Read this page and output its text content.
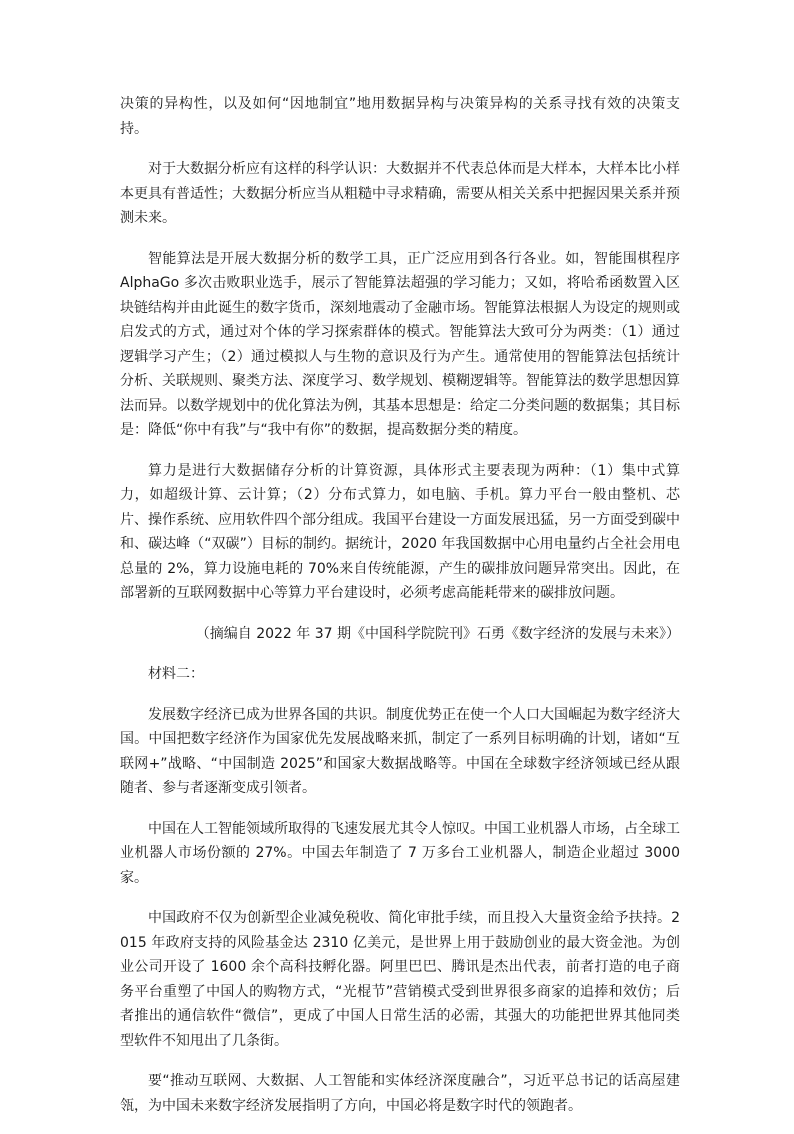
决策的异构性，以及如何“因地制宜”地用数据异构与决策异构的关系寻找有效的决策支持。

对于大数据分析应有这样的科学认识：大数据并不代表总体而是大样本，大样本比小样本更具有普适性；大数据分析应当从粗糙中寻求精确，需要从相关关系中把握因果关系并预测未来。

智能算法是开展大数据分析的数学工具，正广泛应用到各行各业。如，智能围棋程序 AlphaGo 多次击败职业选手，展示了智能算法超强的学习能力；又如，将哈希函数置入区块链结构并由此诞生的数字货币，深刻地震动了金融市场。智能算法根据人为设定的规则或启发式的方式，通过对个体的学习探索群体的模式。智能算法大致可分为两类：（1）通过逻辑学习产生；（2）通过模拟人与生物的意识及行为产生。通常使用的智能算法包括统计分析、关联规则、聚类方法、深度学习、数学规划、模糊逻辑等。智能算法的数学思想因算法而异。以数学规划中的优化算法为例，其基本思想是：给定二分类问题的数据集；其目标是：降低“你中有我”与“我中有你”的数据，提高数据分类的精度。

算力是进行大数据储存分析的计算资源，具体形式主要表现为两种：（1）集中式算力，如超级计算、云计算；（2）分布式算力，如电脑、手机。算力平台一般由整机、芯片、操作系统、应用软件四个部分组成。我国平台建设一方面发展迅猛，另一方面受到碳中和、碳达峰（“双碳”）目标的制约。据统计，2020 年我国数据中心用电量约占全社会用电总量的 2%，算力设施电耗的 70%来自传统能源，产生的碳排放问题异常突出。因此，在部署新的互联网数据中心等算力平台建设时，必须考虑高能耗带来的碳排放问题。

（摘编自 2022 年 37 期《中国科学院院刊》石勇《数字经济的发展与未来》）

材料二：

发展数字经济已成为世界各国的共识。制度优势正在使一个人口大国崛起为数字经济大国。中国把数字经济作为国家优先发展战略来抓，制定了一系列目标明确的计划，诸如“互联网+”战略、“中国制造 2025”和国家大数据战略等。中国在全球数字经济领域已经从跟随者、参与者逐渐变成引领者。

中国在人工智能领域所取得的飞速发展尤其令人惊叹。中国工业机器人市场，占全球工业机器人市场份额的 27%。中国去年制造了 7 万多台工业机器人，制造企业超过 3000 家。

中国政府不仅为创新型企业减免税收、简化审批手续，而且投入大量资金给予扶持。2015 年政府支持的风险基金达 2310 亿美元，是世界上用于鼓励创业的最大资金池。为创业公司开设了 1600 余个高科技孵化器。阿里巴巴、腾讯是杰出代表，前者打造的电子商务平台重塑了中国人的购物方式，“光棍节”营销模式受到世界很多商家的追捧和效仿；后者推出的通信软件“微信”，更成了中国人日常生活的必需，其强大的功能把世界其他同类型软件不知甩出了几条街。

要“推动互联网、大数据、人工智能和实体经济深度融合”，习近平总书记的话高屋建瓴，为中国未来数字经济发展指明了方向，中国必将是数字时代的领跑者。
